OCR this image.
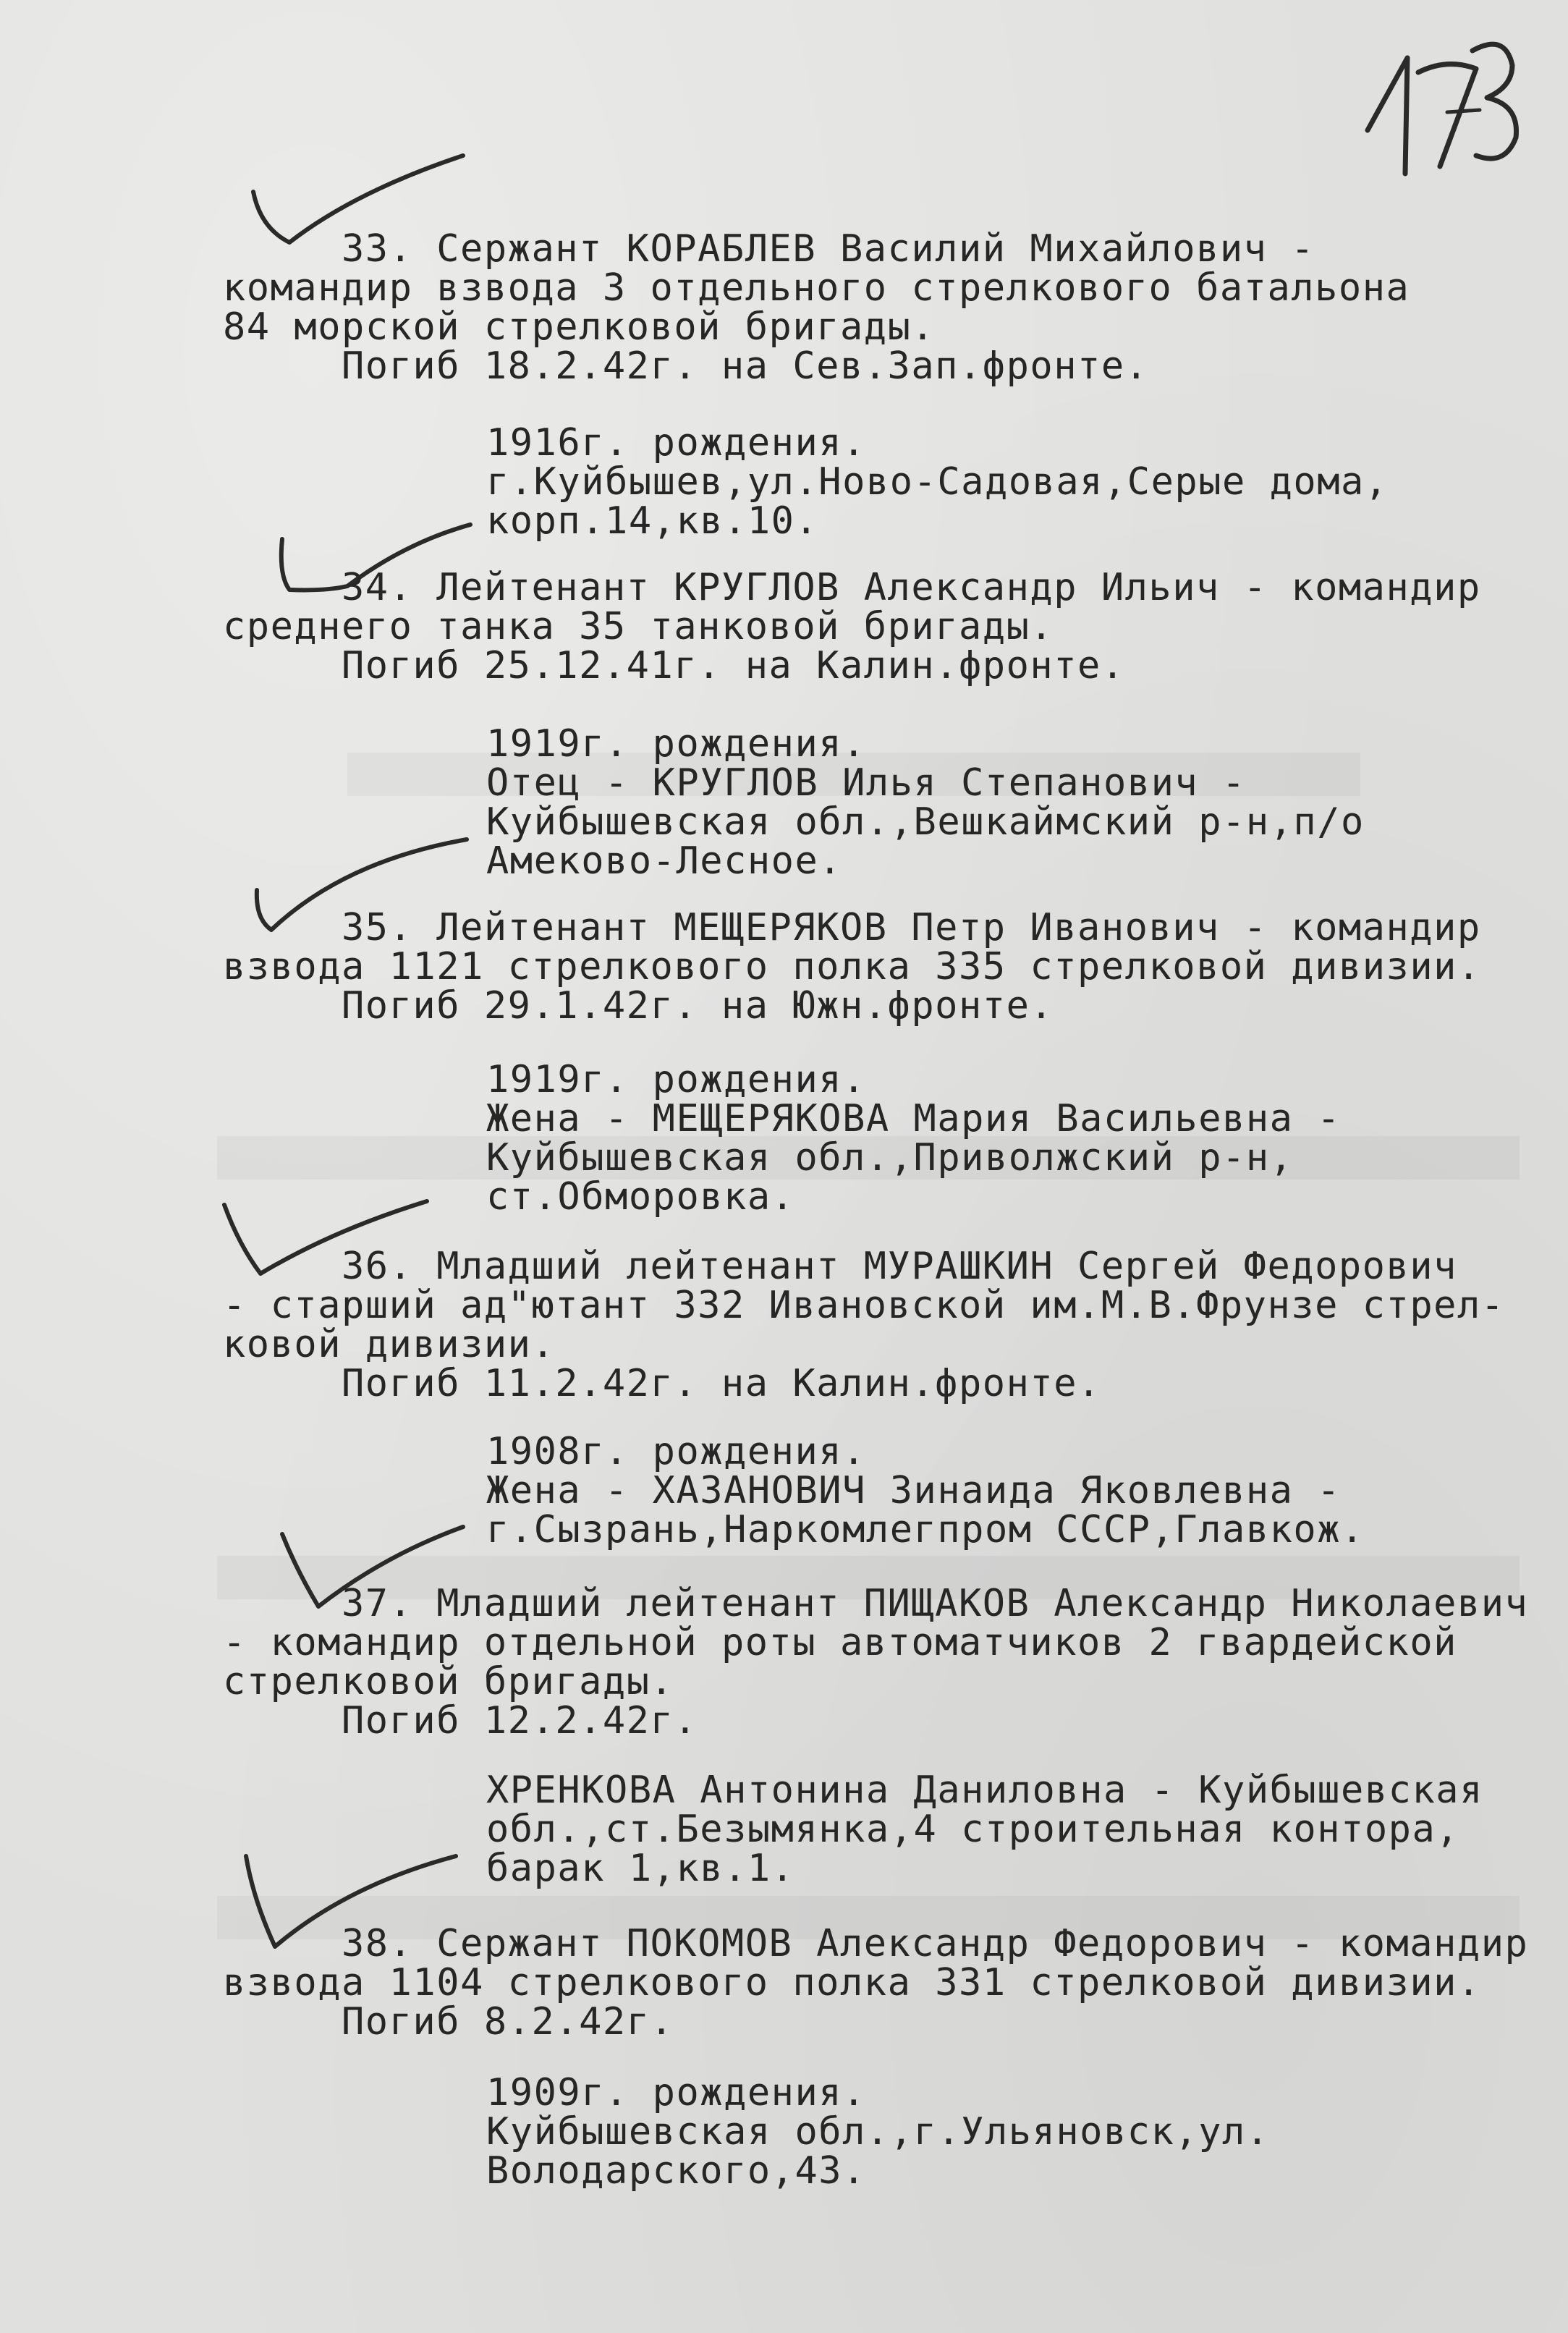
33. Сержант КОРАБЛЕВ Василий Михайлович -
командир взвода 3 отдельного стрелкового батальона
84 морской стрелковой бригады.
Погиб 18.2.42г. на Сев.Зап.фронте.
1916г. рождения.
г.Куйбышев,ул.Ново-Садовая,Серые дома,
корп.14,кв.10.
34. Лейтенант КРУГЛОВ Александр Ильич - командир
среднего танка 35 танковой бригады.
Погиб 25.12.41г. на Калин.фронте.
1919г. рождения.
Отец - КРУГЛОВ Илья Степанович -
Куйбышевская обл.,Вешкаймский р-н,п/о
Амеково-Лесное.
35. Лейтенант МЕЩЕРЯКОВ Петр Иванович - командир
взвода 1121 стрелкового полка 335 стрелковой дивизии.
Погиб 29.1.42г. на Южн.фронте.
1919г. рождения.
Жена - МЕЩЕРЯКОВА Мария Васильевна -
Куйбышевская обл.,Приволжский р-н,
ст.Обморовка.
36. Младший лейтенант МУРАШКИН Сергей Федорович
- старший ад"ютант 332 Ивановской им.М.В.Фрунзе стрел-
ковой дивизии.
Погиб 11.2.42г. на Калин.фронте.
1908г. рождения.
Жена - ХАЗАНОВИЧ Зинаида Яковлевна -
г.Сызрань,Наркомлегпром СССР,Главкож.
37. Младший лейтенант ПИЩАКОВ Александр Николаевич
- командир отдельной роты автоматчиков 2 гвардейской
стрелковой бригады.
Погиб 12.2.42г.
ХРЕНКОВА Антонина Даниловна - Куйбышевская
обл.,ст.Безымянка,4 строительная контора,
барак 1,кв.1.
38. Сержант ПОКОМОВ Александр Федорович - командир
взвода 1104 стрелкового полка 331 стрелковой дивизии.
Погиб 8.2.42г.
1909г. рождения.
Куйбышевская обл.,г.Ульяновск,ул.
Володарского,43.
